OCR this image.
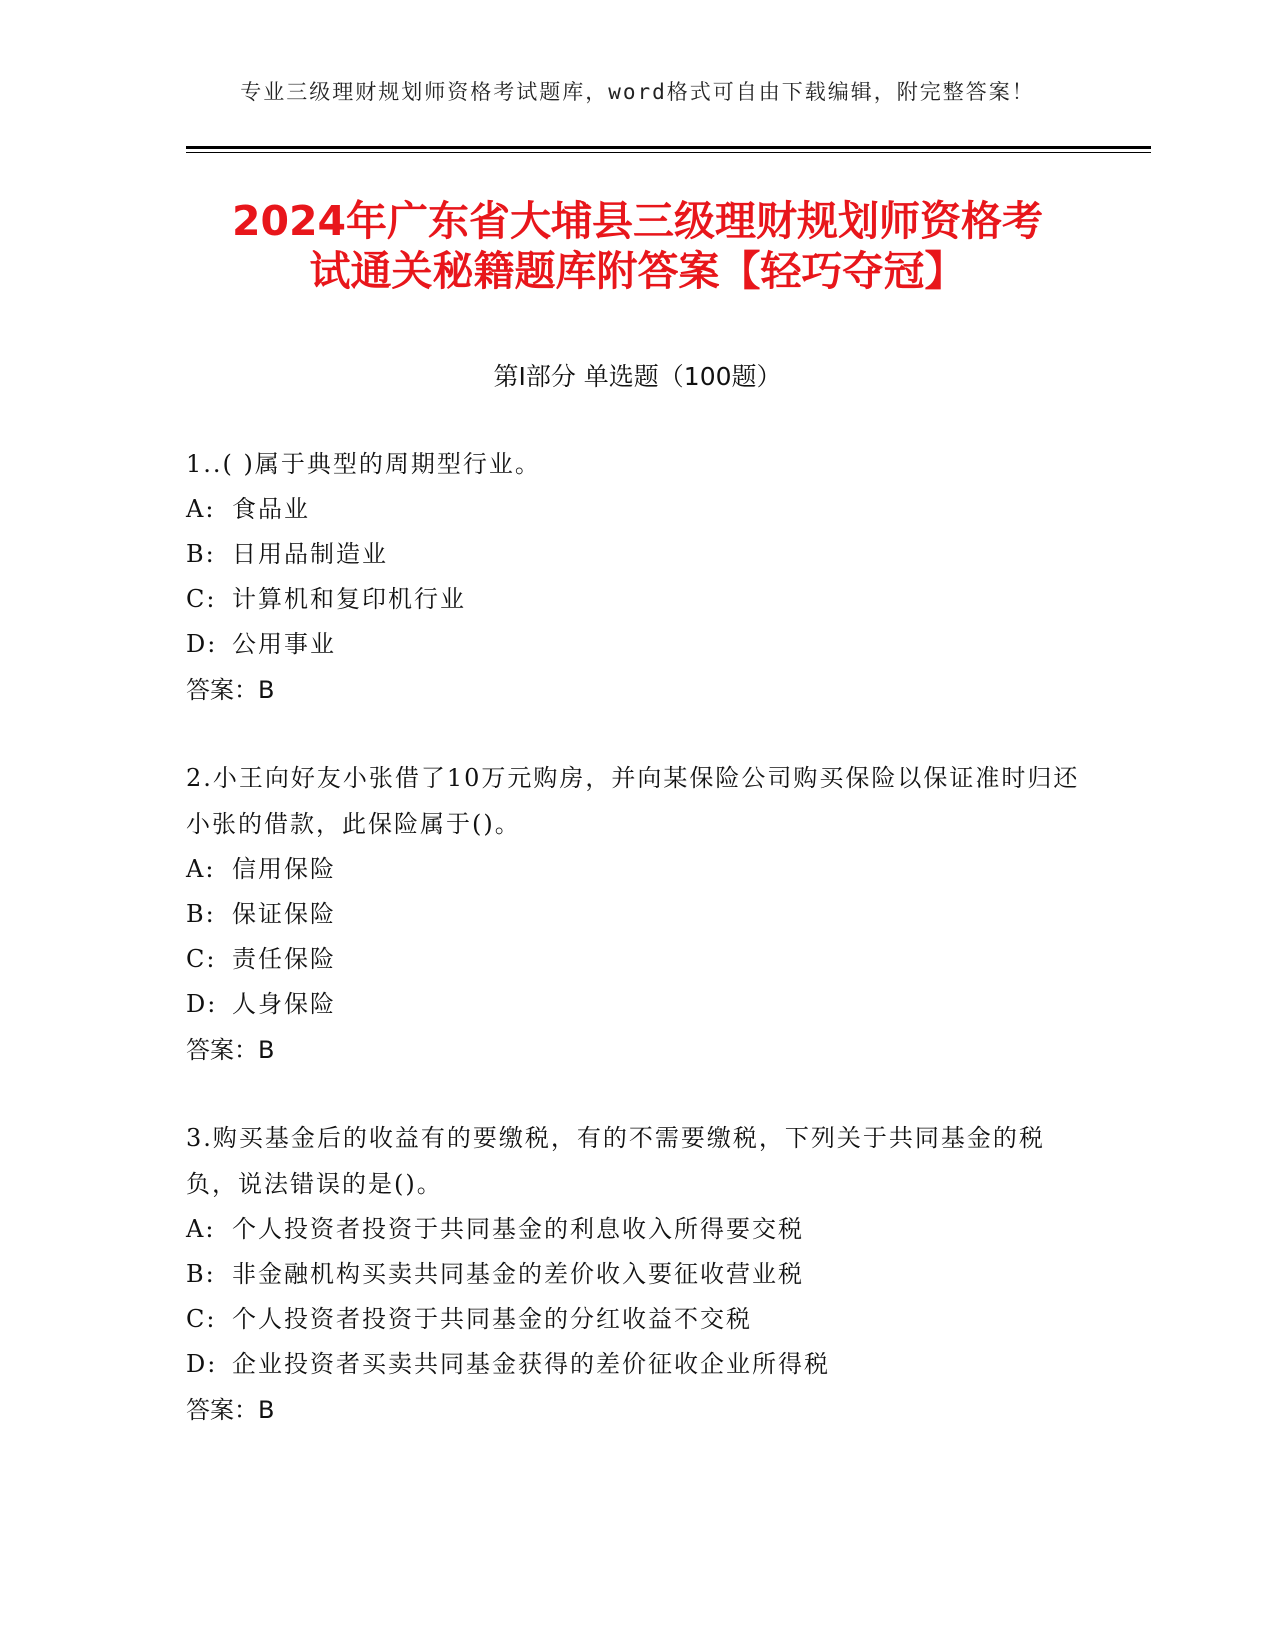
专业三级理财规划师资格考试题库，word格式可自由下载编辑，附完整答案！
2024年广东省大埔县三级理财规划师资格考
试通关秘籍题库附答案【轻巧夺冠】
第I部分 单选题（100题）
1..( )属于典型的周期型行业。
A: 食品业
B: 日用品制造业
C: 计算机和复印机行业
D: 公用事业
答案：B
2.小王向好友小张借了10万元购房，并向某保险公司购买保险以保证准时归还小张的借款，此保险属于()。
A: 信用保险
B: 保证保险
C: 责任保险
D: 人身保险
答案：B
3.购买基金后的收益有的要缴税，有的不需要缴税，下列关于共同基金的税负，说法错误的是()。
A: 个人投资者投资于共同基金的利息收入所得要交税
B: 非金融机构买卖共同基金的差价收入要征收营业税
C: 个人投资者投资于共同基金的分红收益不交税
D: 企业投资者买卖共同基金获得的差价征收企业所得税
答案：B
